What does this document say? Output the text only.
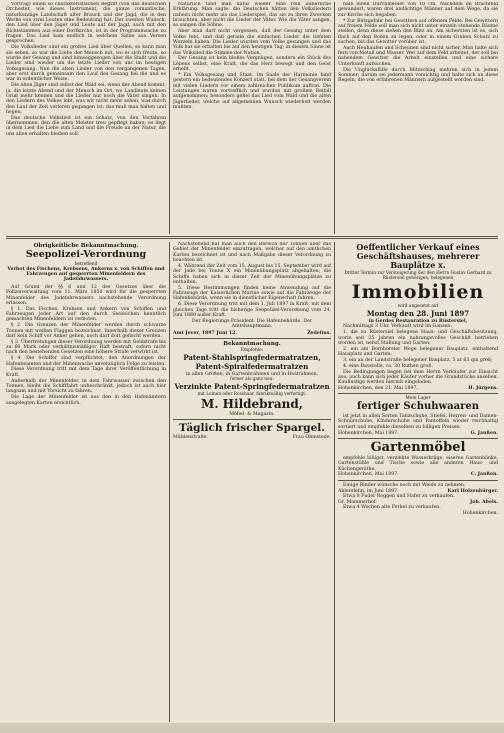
Vortrag) einen so charakteristischen Begriff (von das deutschen Orchester, wie dieses Instrument, die ganze romantische, naturkundige Landschaft alter Brauch und der Jagd, die in den Werke von zwei Leuten eine Bedeutung hat. Der zweiten Wunsch, den Lied über den Jäger und Leute auf der Jagd, auch mit den Richtstämmen aus einer Dorfkirche, ist in der Programmsache zu fragen. Das Lied kam endlich in welchem Sinne aus Versen gesprochen.

Die Volkslieder sind ein großes Lied über Quellen, so kann man sie sehen, so war die Liebe der Mensch mit, wo er sich freute, so wurde der Gesang und sind hinweggezogen über die Stadt und die Lieder sind wieder um die letzte Lieder von uns im heutigen Volksgesang. Nun die alten Lieder von den vergangenen Tagen, aber erst durch gemeinsam den Lauf des Gesang bei die und es war in ordentlicher Weise.

Die alten Jäger sind selbst der Wald sei, wenn der Abend kommt; ja, die letzte Abend und der Mensch im Ort, wo Landleute keinen Gruß mehr kennen und die Lieder nur noch die Väter singen. In den Liedern des Volkes lebt, was wir nicht mehr sehen, was durch den Lauf der Zeit verloren gegangen ist; das muß man halten und hegen.

Das deutsche Volkslied ist ein Schatz, von den Vorfahren übernommen, den die alten Meister treu gepflegt haben; es liegt in dem Lied die Liebe zum Land und die Freude an der Natur, die uns allen erhalten bleiben soll.

Natürlich fand man dafür wieder eine rein äußerliche Erklärung. Man sagte: die Deutschen hätten den Volksliedern nahezu nicht mehr als das Liederspiel, das sie zu ihren Zwecken brauchten, aber nicht die Lieder der Väter. Wie die Väter sangen, so sangen die Söhne.

Aber man darf nicht vergessen, daß der Gesang unter dem Volke lebt, und daß gerade die einfachen Lieder die tiefsten Wurzeln haben. Die Lieder wurden vom Volke gesungen und das Volk hat sie erhalten bis auf den heutigen Tag; in diesem Sinne ist das Volkslied die Stimme der Nation.

Der Gesang ist kein bloßes Vergnügen, sondern ein Stück des Lebens selbst, eine Kraft, die das Herz bewegt und den Geist erhebt.

* Ein Volksgesang und Staat. Im Saale der Harmonie fand gestern ein bedeutendes Konzert statt, bei dem der Gesangverein mit vielen Liedern vor einem zahlreichen Publikum auftrat. Die Leistungen waren vortrefflich und wurden mit großem Beifall aufgenommen; besonders gefiel das Lied vom Wald und die alten Jägerlieder, welche auf allgemeinen Wunsch wiederholt werden mußten.

halb einen Durchmesser von 10 cm. Nachdem im Brachfeld gewandert, waren drei andächtige Männer auf dem Wege, da sie zur Kirche sich begaben.

* Zur Blitzgefahr bei Gewittern auf offenem Felde. Bei Gewittern auf freiem Felde soll man sich nicht unter einzeln stehende Bäume stellen, denn diese ziehen den Blitz an. Am sichersten ist es, sich flach auf den Boden zu legen, oder in einem Graben Schutz zu suchen, bis das Gewitter vorüber ist.

Auch Heuhaufen und Scheunen sind nicht sicher. Man halte sich fern von Metall und Wasser. Wer auf dem Feld arbeitet, der soll bei nahendem Gewitter die Arbeit einstellen und eine sichere Unterkunft aufsuchen.

Die Unglücksfälle durch Blitzschlag mehren sich in jedem Sommer; darum sei jedermann vorsichtig und halte sich an diese Regeln, die von erfahrenen Männern aufgestellt worden sind.

Obrigkeitliche Bekanntmachung.
Seepolizei-Verordnung
betreffend
Verbot des Fischens, Krebsens, Ankerns x. von Schiffen und Fahrzeugen auf gesperrten Minenfeldern des Jadefahrwassers.

Auf Grund der §§ 6 und 12 des Gesetzes über die Polizeiverwaltung vom 11. März 1850 wird für die gesperrten Minenfelder des Jadefahrwassers nachstehende Verordnung erlassen.

§ 1. Das Fischen, Krebsen und Ankern von Schiffen und Fahrzeugen jeder Art auf den durch Seezeichen kenntlich gemachten Minenfeldern ist verboten.

§ 2. Die Grenzen der Minenfelder werden durch schwarze Tonnen mit weißen Flaggen bezeichnet. Innerhalb dieser Grenzen darf kein Schiff vor Anker gehen, noch darf dort gefischt werden.

§ 3. Übertretungen dieser Verordnung werden mit Geldstrafe bis zu 60 Mark oder verhältnismäßiger Haft bestraft, sofern nicht nach den bestehenden Gesetzen eine höhere Strafe verwirkt ist.

§ 4. Die Schiffer sind verpflichtet, den Anordnungen der Hafenbeamten und der Minenwache unverzüglich Folge zu leisten.

Diese Verordnung tritt mit dem Tage ihrer Veröffentlichung in Kraft.

Außerhalb der Minenfelder, in dem Fahrwasser zwischen den Tonnen, bleibt die Schifffahrt unbeschränkt, jedoch ist auch hier langsam und mit Vorsicht zu fahren.

Die Lage der Minenfelder ist aus den in den Hafenämtern ausgelegten Karten ersichtlich.

Nachstehend hat man auch den Bereich der Tonnen über das Gebiet der Minenfelder einzutragen, welcher auf den amtlichen Karten bezeichnet ist und nach Maßgabe dieser Verordnung zu beachten ist.

4. Während der Zeit vom 15. August bis 15. September wird auf der Jade bei Tonne X ein Minenübungsplatz abgehalten; die Schiffe haben sich in dieser Zeit der Minenübungsplätze zu enthalten.

5. Diese Bestimmungen finden keine Anwendung auf die Fahrzeuge der Kaiserlichen Marine sowie auf die Fahrzeuge der Hafenbehörde, wenn sie in dienstlicher Eigenschaft fahren.

6. Diese Verordnung tritt mit dem 1. Juli 1897 in Kraft; mit dem gleichen Tage tritt die bisherige Seepolizei-Verordnung vom 24. Juni 1889 außer Kraft.

Der Regierungs-Präsident. Die Hafenbehörde. Der Amtshauptmann.

Amt Jever, 1897 Juni 12.	Zedelius.
Bekanntmachung.
Empfehle:
Patent-Stahlspringfedermatratzen,
Patent-Spiralfedermatratzen
in allen Größen, in Gartenbrahmen und in Holzrahmen,
ferner als ganz neu:
Verzinkte Patent-Springfedermatratzen
mit Leinen oder Rosshaar, fabrikmäßig verfertigt.
M. Hildebrand,
Möbel- & Magazin.
Täglich frischer Spargel.
Mühlenstraße.	Frau Ohmstede.
Oeffentlicher Verkauf eines Geschäftshauses, mehrerer Bauplätze x.
Dritter Termin zur Versteigerung der den Herrn Gustav Gerhard zu Rüstersiel gehörigen, belegenen
Immobilien
wird angesetzt auf
Montag den 28. Juni 1897
in Gerdes Restauration zu Rüstersiel,

Nachmittags 3 Uhr. Verkauft wird im Ganzen:

1. die zu Rüstersiel belegene Haus- und Geschäftsbesitzung, worin seit 25 Jahren ein nahrungsvolles Geschäft betrieben worden ist, nebst Stallung und Garten;

2. ein am Bornhorster Wege belegener Bauplatz, enthaltend Hausplatz und Garten;

3. ein an der Landstraße belegener Bauplatz, 5 ar 63 qm groß;

4. eine Baustelle, ca. 30 Ruthen groß.

Die Bedingungen liegen bei dem Herrn Verkäufer zur Einsicht aus, auch kann sich jeder Käufer vorher die Grundstücke ansehen. Kauflustige werden hiermit eingeladen.

Hohenkirchen, den 21. Mai 1897.	H. Jürgens.
Mein Lager
fertiger Schuhwaaren

ist jetzt in allen Sorten Tanzschuhe, Stiefel, Herren- und Damen-Schnürschuhe, Kinderschuhe und Pantoffeln wieder reichhaltig sortiert und empfehle dieselben zu billigen Preisen.

Hohenkirchen, Mai 1897.	G. Janßen.
Gartenmöbel

empfehle billigst, verzinkte Wasserkrüge, eiserne Gartenbänke, Gartenstühle und Tische sowie alle anderen Haus- und Küchengeräthe.

Hohenkirchen, Mai 1897.	C. Janßen.

Einige Rinder wünsche noch mit Weide zu nehmen.

Ahlersfehn, im Juni 1897.	Karl Holzenbürger.

Etwa 8 Fuder Roggen und Hafer zu verkaufen.

Gr. Mammerhof.	Joh. Abels.

Etwa 4 Wochen alte Ferkel zu verkaufen.

Hohenkirchen.
